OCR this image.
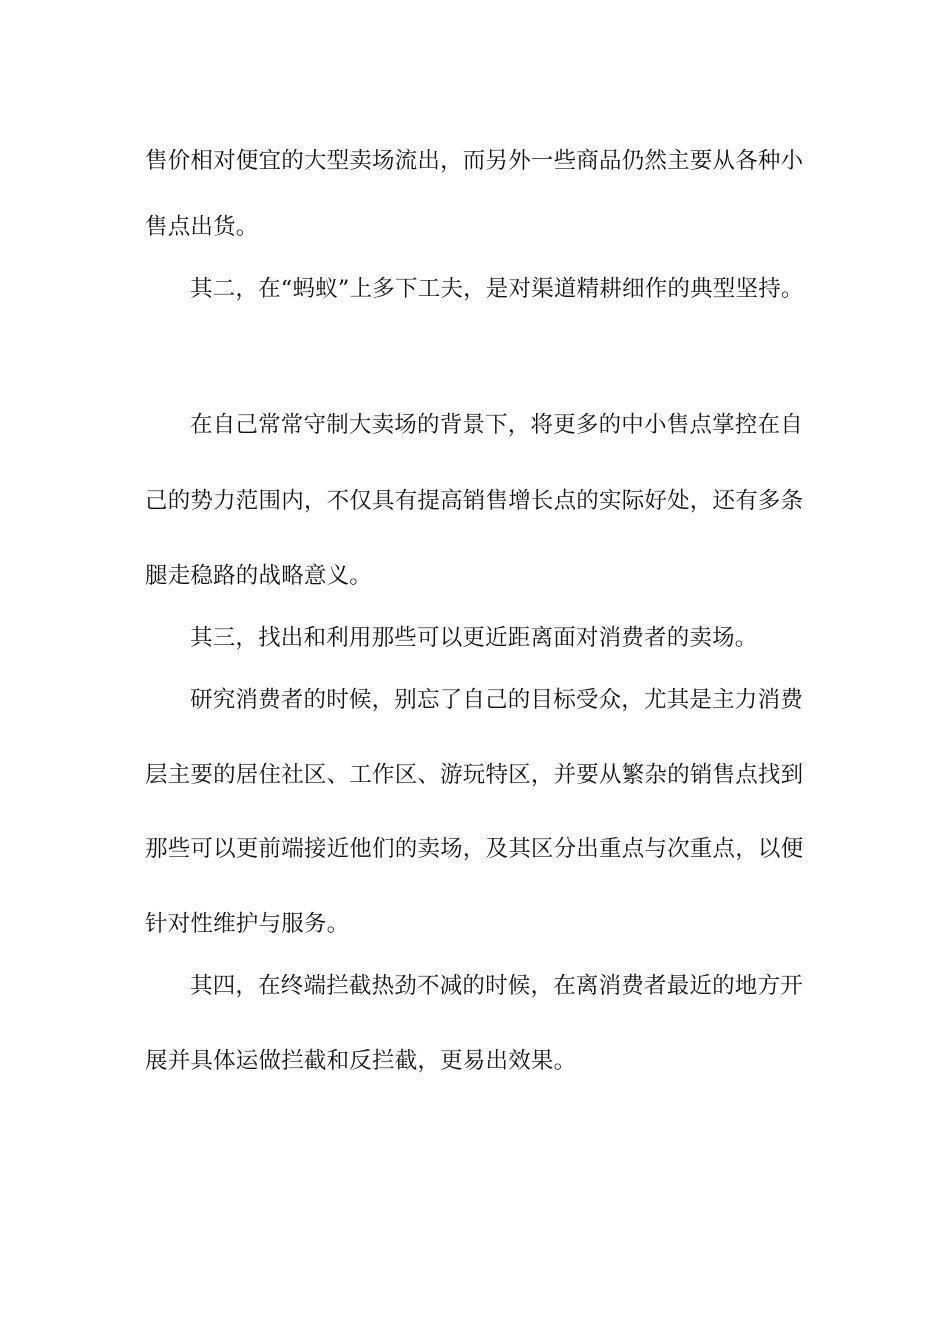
售价相对便宜的大型卖场流出，而另外一些商品仍然主要从各种小
售点出货。
其二，在“蚂蚁”上多下工夫，是对渠道精耕细作的典型坚持。
在自己常常守制大卖场的背景下，将更多的中小售点掌控在自
己的势力范围内，不仅具有提高销售增长点的实际好处，还有多条
腿走稳路的战略意义。
其三，找出和利用那些可以更近距离面对消费者的卖场。
研究消费者的时候，别忘了自己的目标受众，尤其是主力消费
层主要的居住社区、工作区、游玩特区，并要从繁杂的销售点找到
那些可以更前端接近他们的卖场，及其区分出重点与次重点，以便
针对性维护与服务。
其四，在终端拦截热劲不减的时候，在离消费者最近的地方开
展并具体运做拦截和反拦截，更易出效果。
